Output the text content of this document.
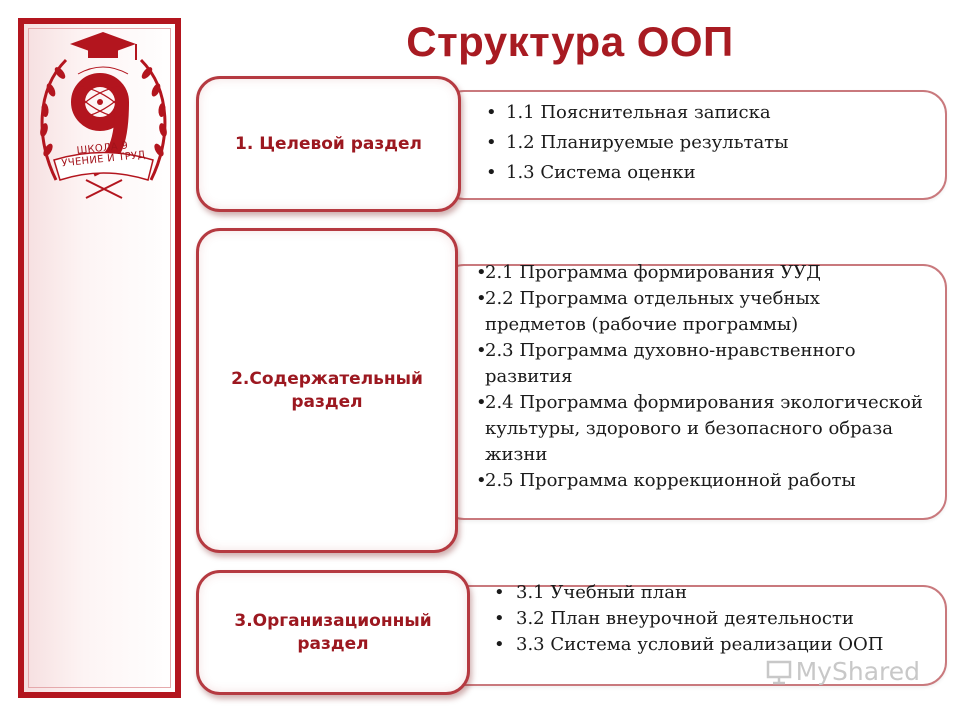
ШКОЛА 9 УЧЕНИЕ И ТРУД
Структура ООП
• 1.1 Пояснительная записка
• 1.2 Планируемые результаты
• 1.3 Система оценки
1. Целевой раздел
• 2.1 Программа формирования УУД
• 2.2 Программа отдельных учебных предметов (рабочие программы)
• 2.3 Программа духовно-нравственного развития
• 2.4 Программа формирования экологической культуры, здорового и безопасного образа жизни
• 2.5 Программа коррекционной работы
2.Содержательный раздел
• 3.1 Учебный план
• 3.2 План внеурочной деятельности
• 3.3 Система условий реализации ООП
3.Организационный раздел
MyShared
